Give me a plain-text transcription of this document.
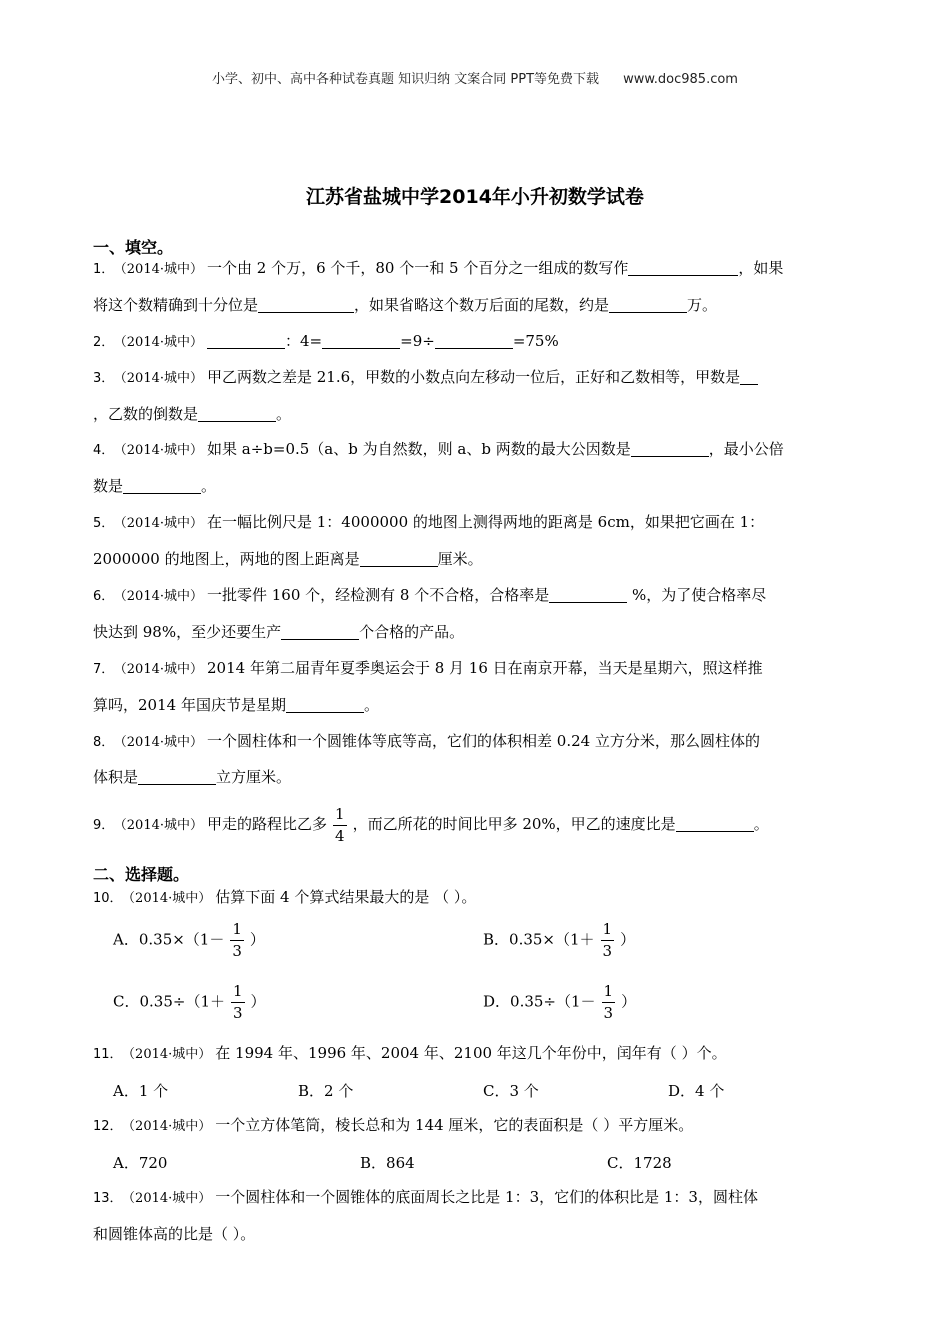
小学、初中、高中各种试卷真题 知识归纳 文案合同 PPT等免费下载 www.doc985.com
江苏省盐城中学2014年小升初数学试卷
一、填空。
1． （2014·城中） 一个由 2 个万，6 个千，80 个一和 5 个百分之一组成的数写作	，如果
将这个数精确到十分位是	，如果省略这个数万后面的尾数，约是	万。
2． （2014·城中）	：4=	=9÷	=75%
3． （2014·城中） 甲乙两数之差是 21.6，甲数的小数点向左移动一位后，正好和乙数相等，甲数是
，乙数的倒数是	。
4． （2014·城中） 如果 a÷b=0.5（a、b 为自然数，则 a、b 两数的最大公因数是	，最小公倍
数是	。
5． （2014·城中） 在一幅比例尺是 1：4000000 的地图上测得两地的距离是 6cm，如果把它画在 1：
2000000 的地图上，两地的图上距离是	厘米。
6． （2014·城中） 一批零件 160 个，经检测有 8 个不合格，合格率是	%，为了使合格率尽
快达到 98%，至少还要生产	个合格的产品。
7． （2014·城中） 2014 年第二届青年夏季奥运会于 8 月 16 日在南京开幕，当天是星期六，照这样推
算吗，2014 年国庆节是星期	。
8． （2014·城中） 一个圆柱体和一个圆锥体等底等高，它们的体积相差 0.24 立方分米，那么圆柱体的
体积是	立方厘米。
9． （2014·城中） 甲走的路程比乙多 $\frac{1}{4}$ ，而乙所花的时间比甲多 20%，甲乙的速度比是	。
二、选择题。
10． （2014·城中） 估算下面 4 个算式结果最大的是 （ ）。
A．$0.35\times(1- \frac{1}{3}$ ）	B．$0.35\times(1+ \frac{1}{3}$ ）
C．$0.35\div(1+ \frac{1}{3}$ ）	D．$0.35\div(1- \frac{1}{3}$ ）
11． （2014·城中） 在 1994 年、1996 年、2004 年、2100 年这几个年份中，闰年有（ ）个。
A．1 个	B．2 个	C．3 个	D．4 个
12． （2014·城中） 一个立方体笔筒，棱长总和为 144 厘米，它的表面积是（ ）平方厘米。
A．720	B．864	C．1728
13． （2014·城中） 一个圆柱体和一个圆锥体的底面周长之比是 1：3，它们的体积比是 1：3，圆柱体
和圆锥体高的比是（ ）。
